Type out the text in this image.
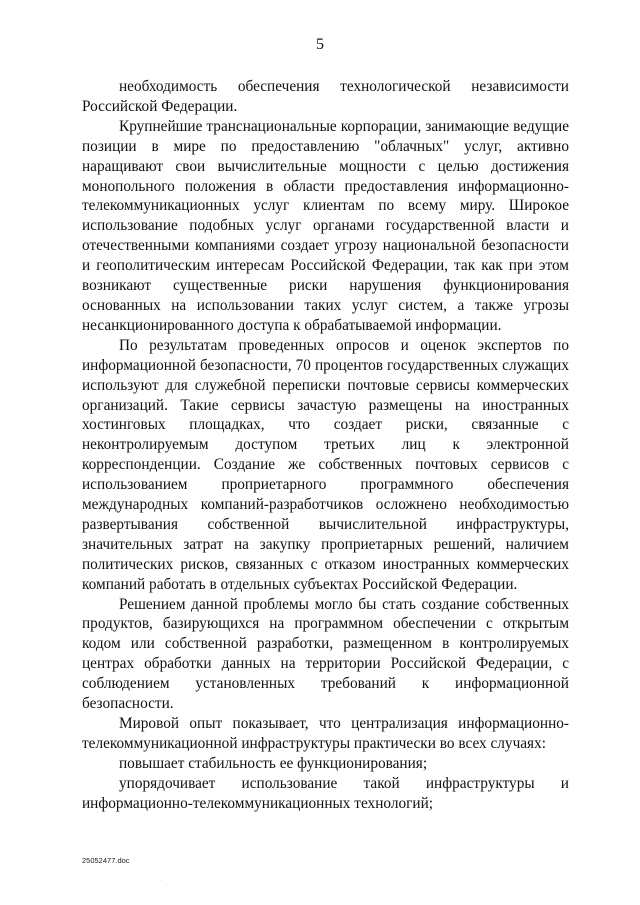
5

необходимость обеспечения технологической независимости Российской Федерации.

Крупнейшие транснациональные корпорации, занимающие ведущие позиции в мире по предоставлению "облачных" услуг, активно наращивают свои вычислительные мощности с целью достижения монопольного положения в области предоставления информационно-телекоммуникационных услуг клиентам по всему миру. Широкое использование подобных услуг органами государственной власти и отечественными компаниями создает угрозу национальной безопасности и геополитическим интересам Российской Федерации, так как при этом возникают существенные риски нарушения функционирования основанных на использовании таких услуг систем, а также угрозы несанкционированного доступа к обрабатываемой информации.

По результатам проведенных опросов и оценок экспертов по информационной безопасности, 70 процентов государственных служащих используют для служебной переписки почтовые сервисы коммерческих организаций. Такие сервисы зачастую размещены на иностранных хостинговых площадках, что создает риски, связанные с неконтролируемым доступом третьих лиц к электронной корреспонденции. Создание же собственных почтовых сервисов с использованием проприетарного программного обеспечения международных компаний-разработчиков осложнено необходимостью развертывания собственной вычислительной инфраструктуры, значительных затрат на закупку проприетарных решений, наличием политических рисков, связанных с отказом иностранных коммерческих компаний работать в отдельных субъектах Российской Федерации.

Решением данной проблемы могло бы стать создание собственных продуктов, базирующихся на программном обеспечении с открытым кодом или собственной разработки, размещенном в контролируемых центрах обработки данных на территории Российской Федерации, с соблюдением установленных требований к информационной безопасности.

Мировой опыт показывает, что централизация информационно-телекоммуникационной инфраструктуры практически во всех случаях:

повышает стабильность ее функционирования;

упорядочивает использование такой инфраструктуры и информационно-телекоммуникационных технологий;

25052477.doc
·
